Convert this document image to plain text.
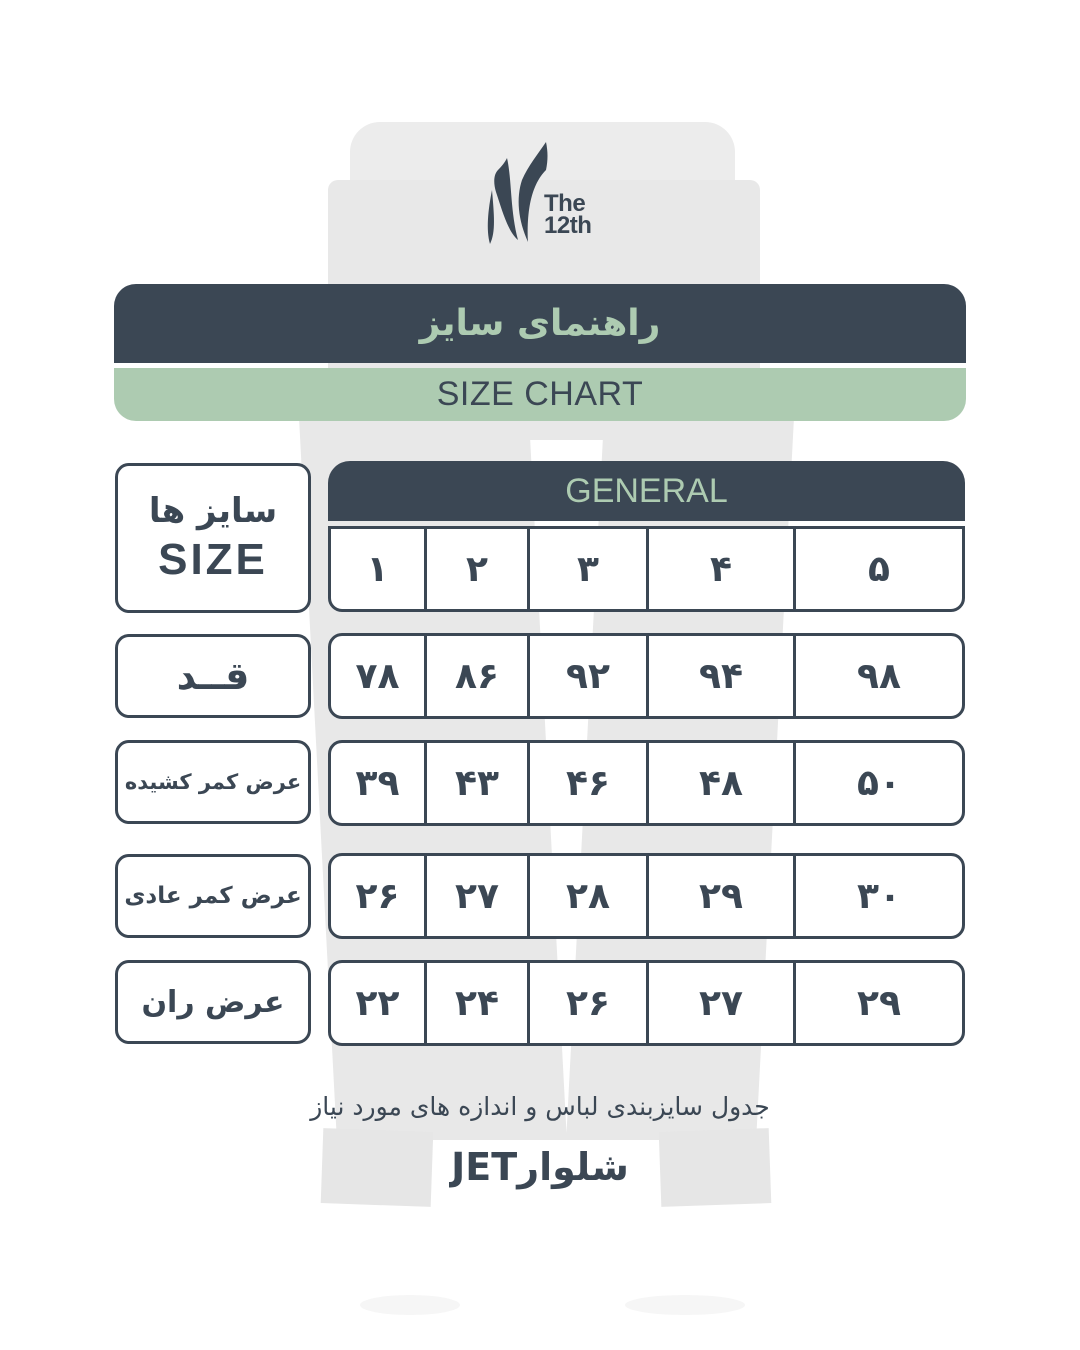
The
12th
راهنمای سایز
SIZE CHART
سایز ها
SIZE
GENERAL
۱	۲	۳	۴	۵
قــد	۷۸	۸۶	۹۲	۹۴	۹۸
عرض کمر کشیده	۳۹	۴۳	۴۶	۴۸	۵۰
عرض کمر عادی	۲۶	۲۷	۲۸	۲۹	۳۰
عرض ران	۲۲	۲۴	۲۶	۲۷	۲۹
جدول سایزبندی لباس و اندازه های مورد نیاز
شلوارJET
